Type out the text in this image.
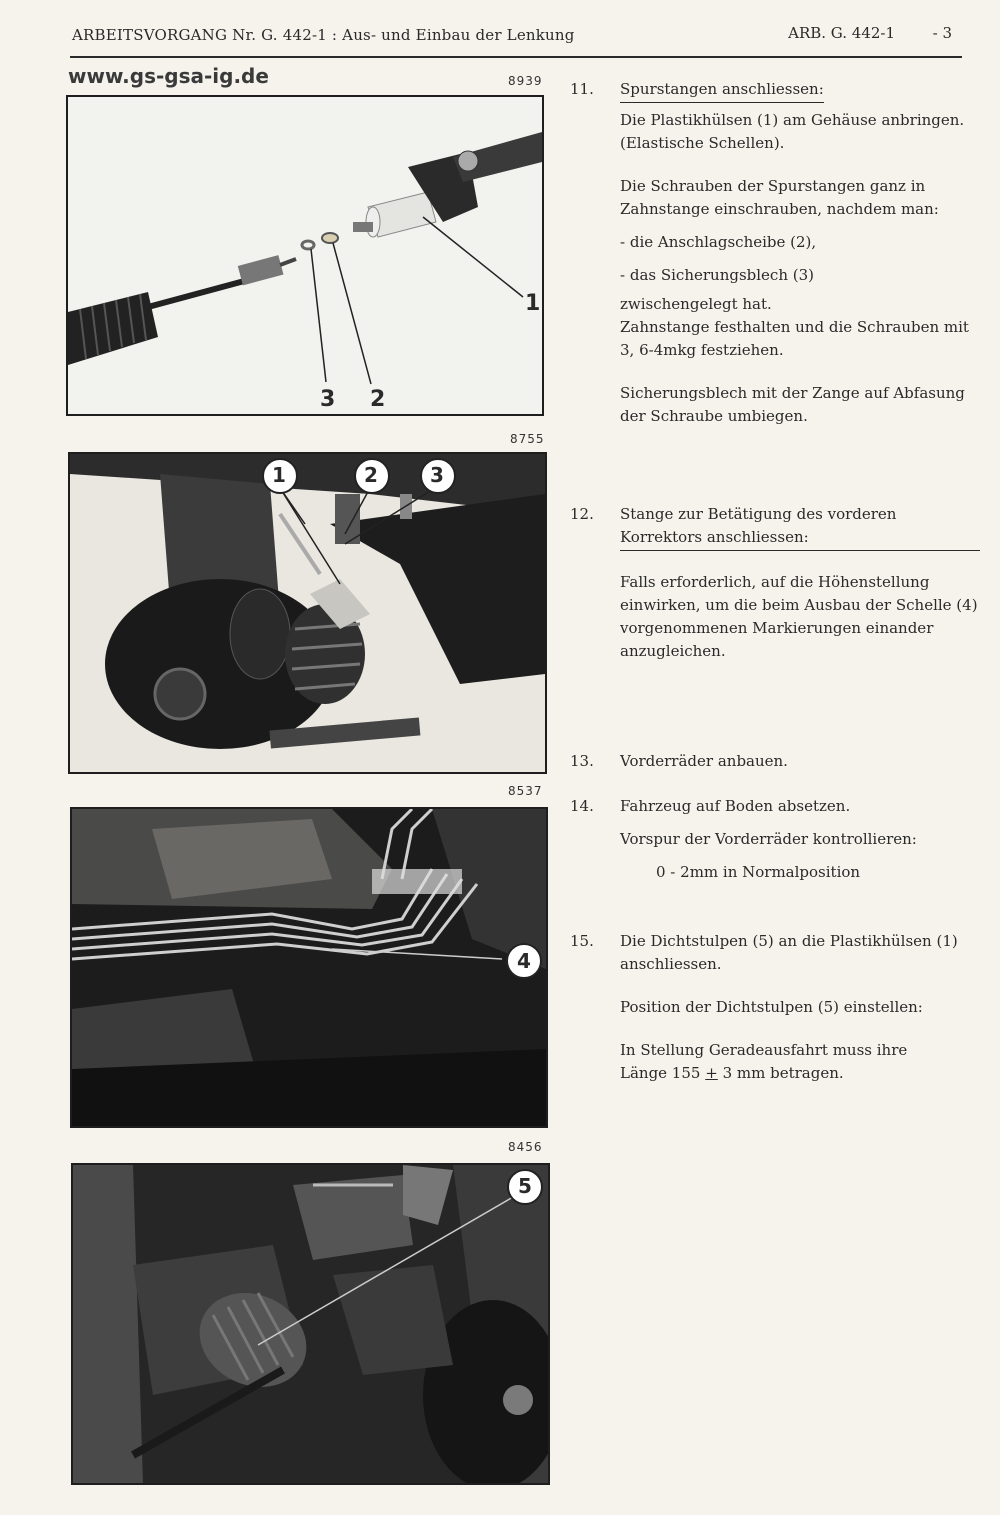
ARBEITSVORGANG Nr. G. 442-1 : Aus- und Einbau der Lenkung	ARB. G. 442-1	- 3
www.gs-gsa-ig.de	8939
1
3 2
8755
1	2	3
8537
4
8456
5
11. Spurstangen anschliessen:

Die Plastikhülsen (1) am Gehäuse anbringen. (Elastische Schellen).

Die Schrauben der Spurstangen ganz in Zahnstange einschrauben, nachdem man:

- die Anschlagscheibe (2),

- das Sicherungsblech (3)

zwischengelegt hat.

Zahnstange festhalten und die Schrauben mit 3, 6-4mkg festziehen.

Sicherungsblech mit der Zange auf Abfasung der Schraube umbiegen.

12. Stange zur Betätigung des vorderen Korrektors anschliessen:

Falls erforderlich, auf die Höhenstellung einwirken, um die beim Ausbau der Schelle (4) vorgenommenen Markierungen einander anzugleichen.

13. Vorderräder anbauen.

14. Fahrzeug auf Boden absetzen.

Vorspur der Vorderräder kontrollieren:

0 - 2mm in Normalposition

15. Die Dichtstulpen (5) an die Plastikhülsen (1) anschliessen.

Position der Dichtstulpen (5) einstellen:

In Stellung Geradeausfahrt muss ihre

Länge 155 + 3 mm betragen.
